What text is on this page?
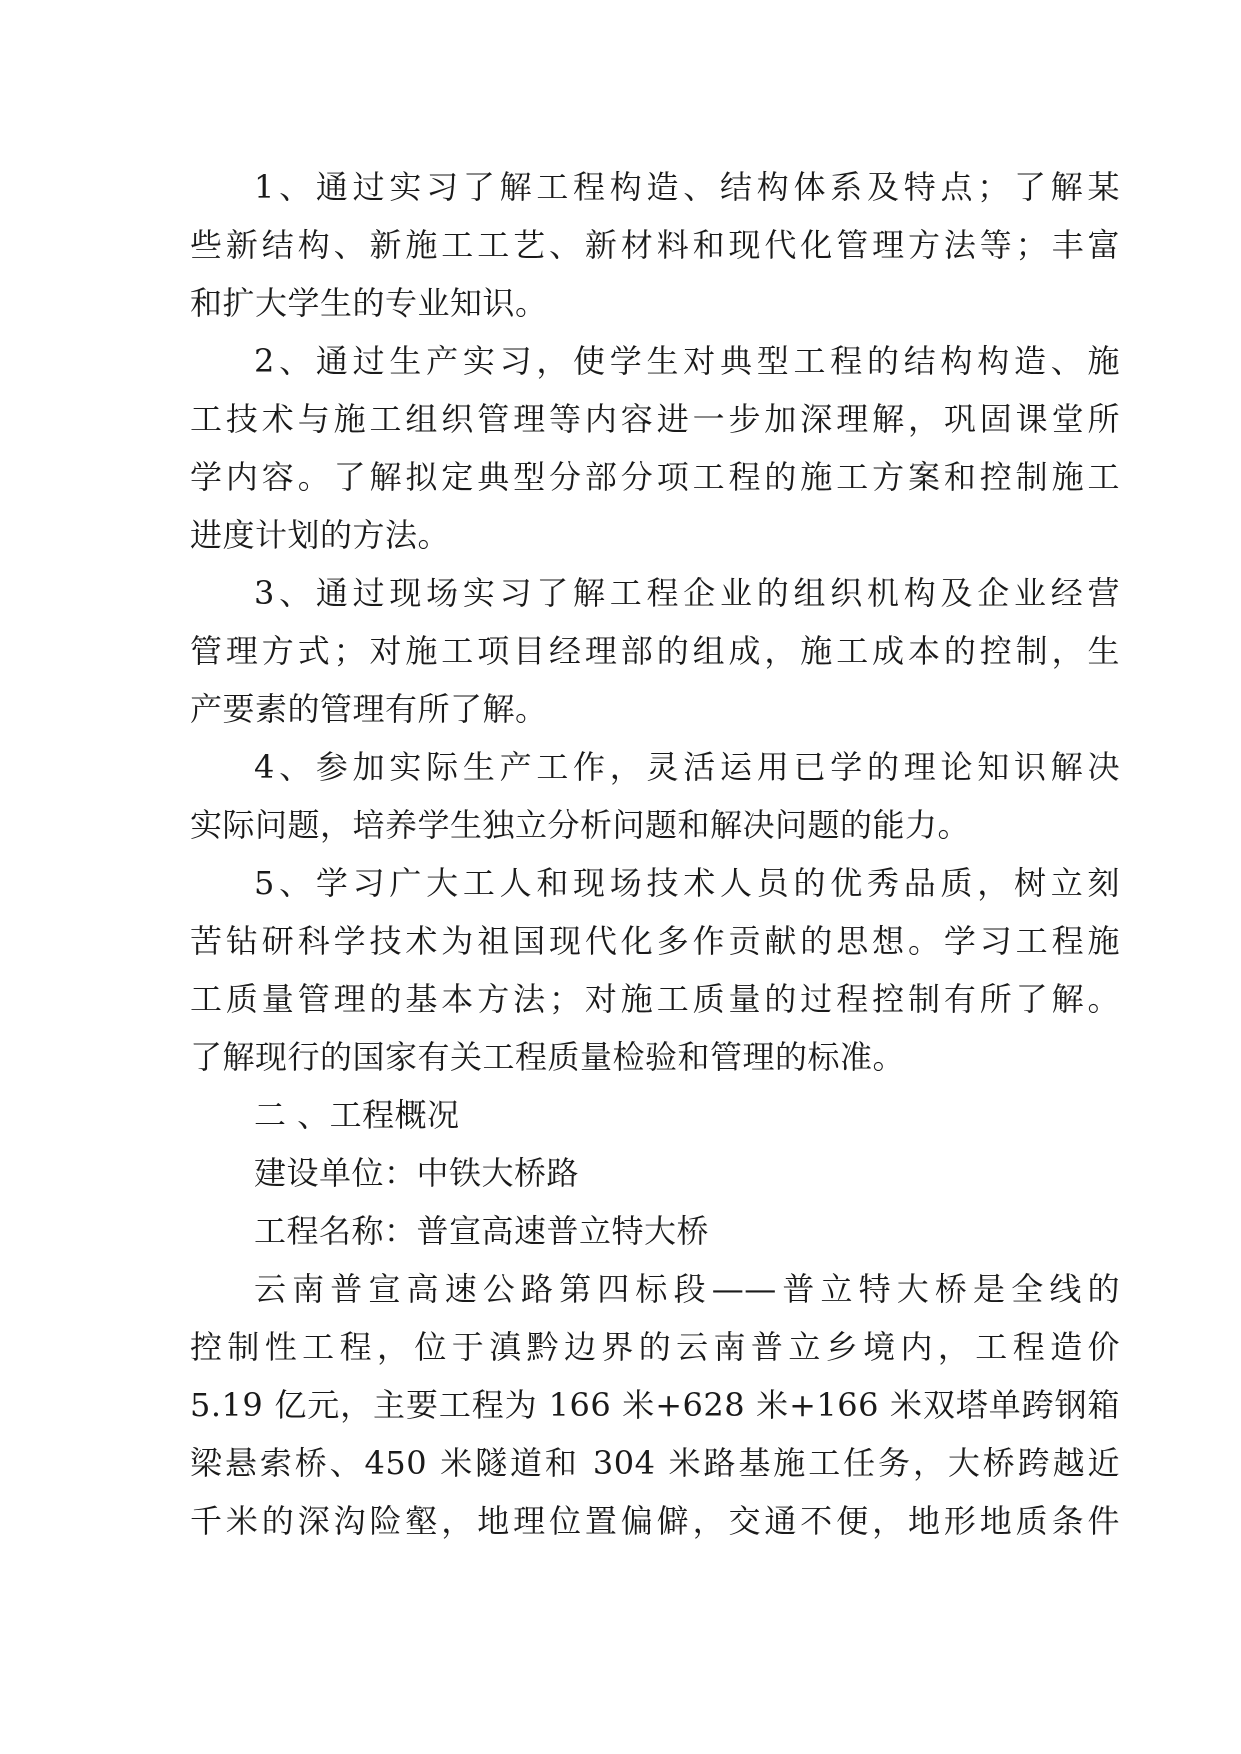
1、通过实习了解工程构造、结构体系及特点；了解某
些新结构、新施工工艺、新材料和现代化管理方法等；丰富
和扩大学生的专业知识。
2、通过生产实习，使学生对典型工程的结构构造、施
工技术与施工组织管理等内容进一步加深理解，巩固课堂所
学内容。了解拟定典型分部分项工程的施工方案和控制施工
进度计划的方法。
3、通过现场实习了解工程企业的组织机构及企业经营
管理方式；对施工项目经理部的组成，施工成本的控制，生
产要素的管理有所了解。
4、参加实际生产工作，灵活运用已学的理论知识解决
实际问题，培养学生独立分析问题和解决问题的能力。
5、学习广大工人和现场技术人员的优秀品质，树立刻
苦钻研科学技术为祖国现代化多作贡献的思想。学习工程施
工质量管理的基本方法；对施工质量的过程控制有所了解。
了解现行的国家有关工程质量检验和管理的标准。
二 、工程概况
建设单位：中铁大桥路
工程名称：普宣高速普立特大桥
云南普宣高速公路第四标段——普立特大桥是全线的
控制性工程，位于滇黔边界的云南普立乡境内，工程造价
5.19 亿元，主要工程为 166 米+628 米+166 米双塔单跨钢箱
梁悬索桥、450 米隧道和 304 米路基施工任务，大桥跨越近
千米的深沟险壑，地理位置偏僻，交通不便，地形地质条件
